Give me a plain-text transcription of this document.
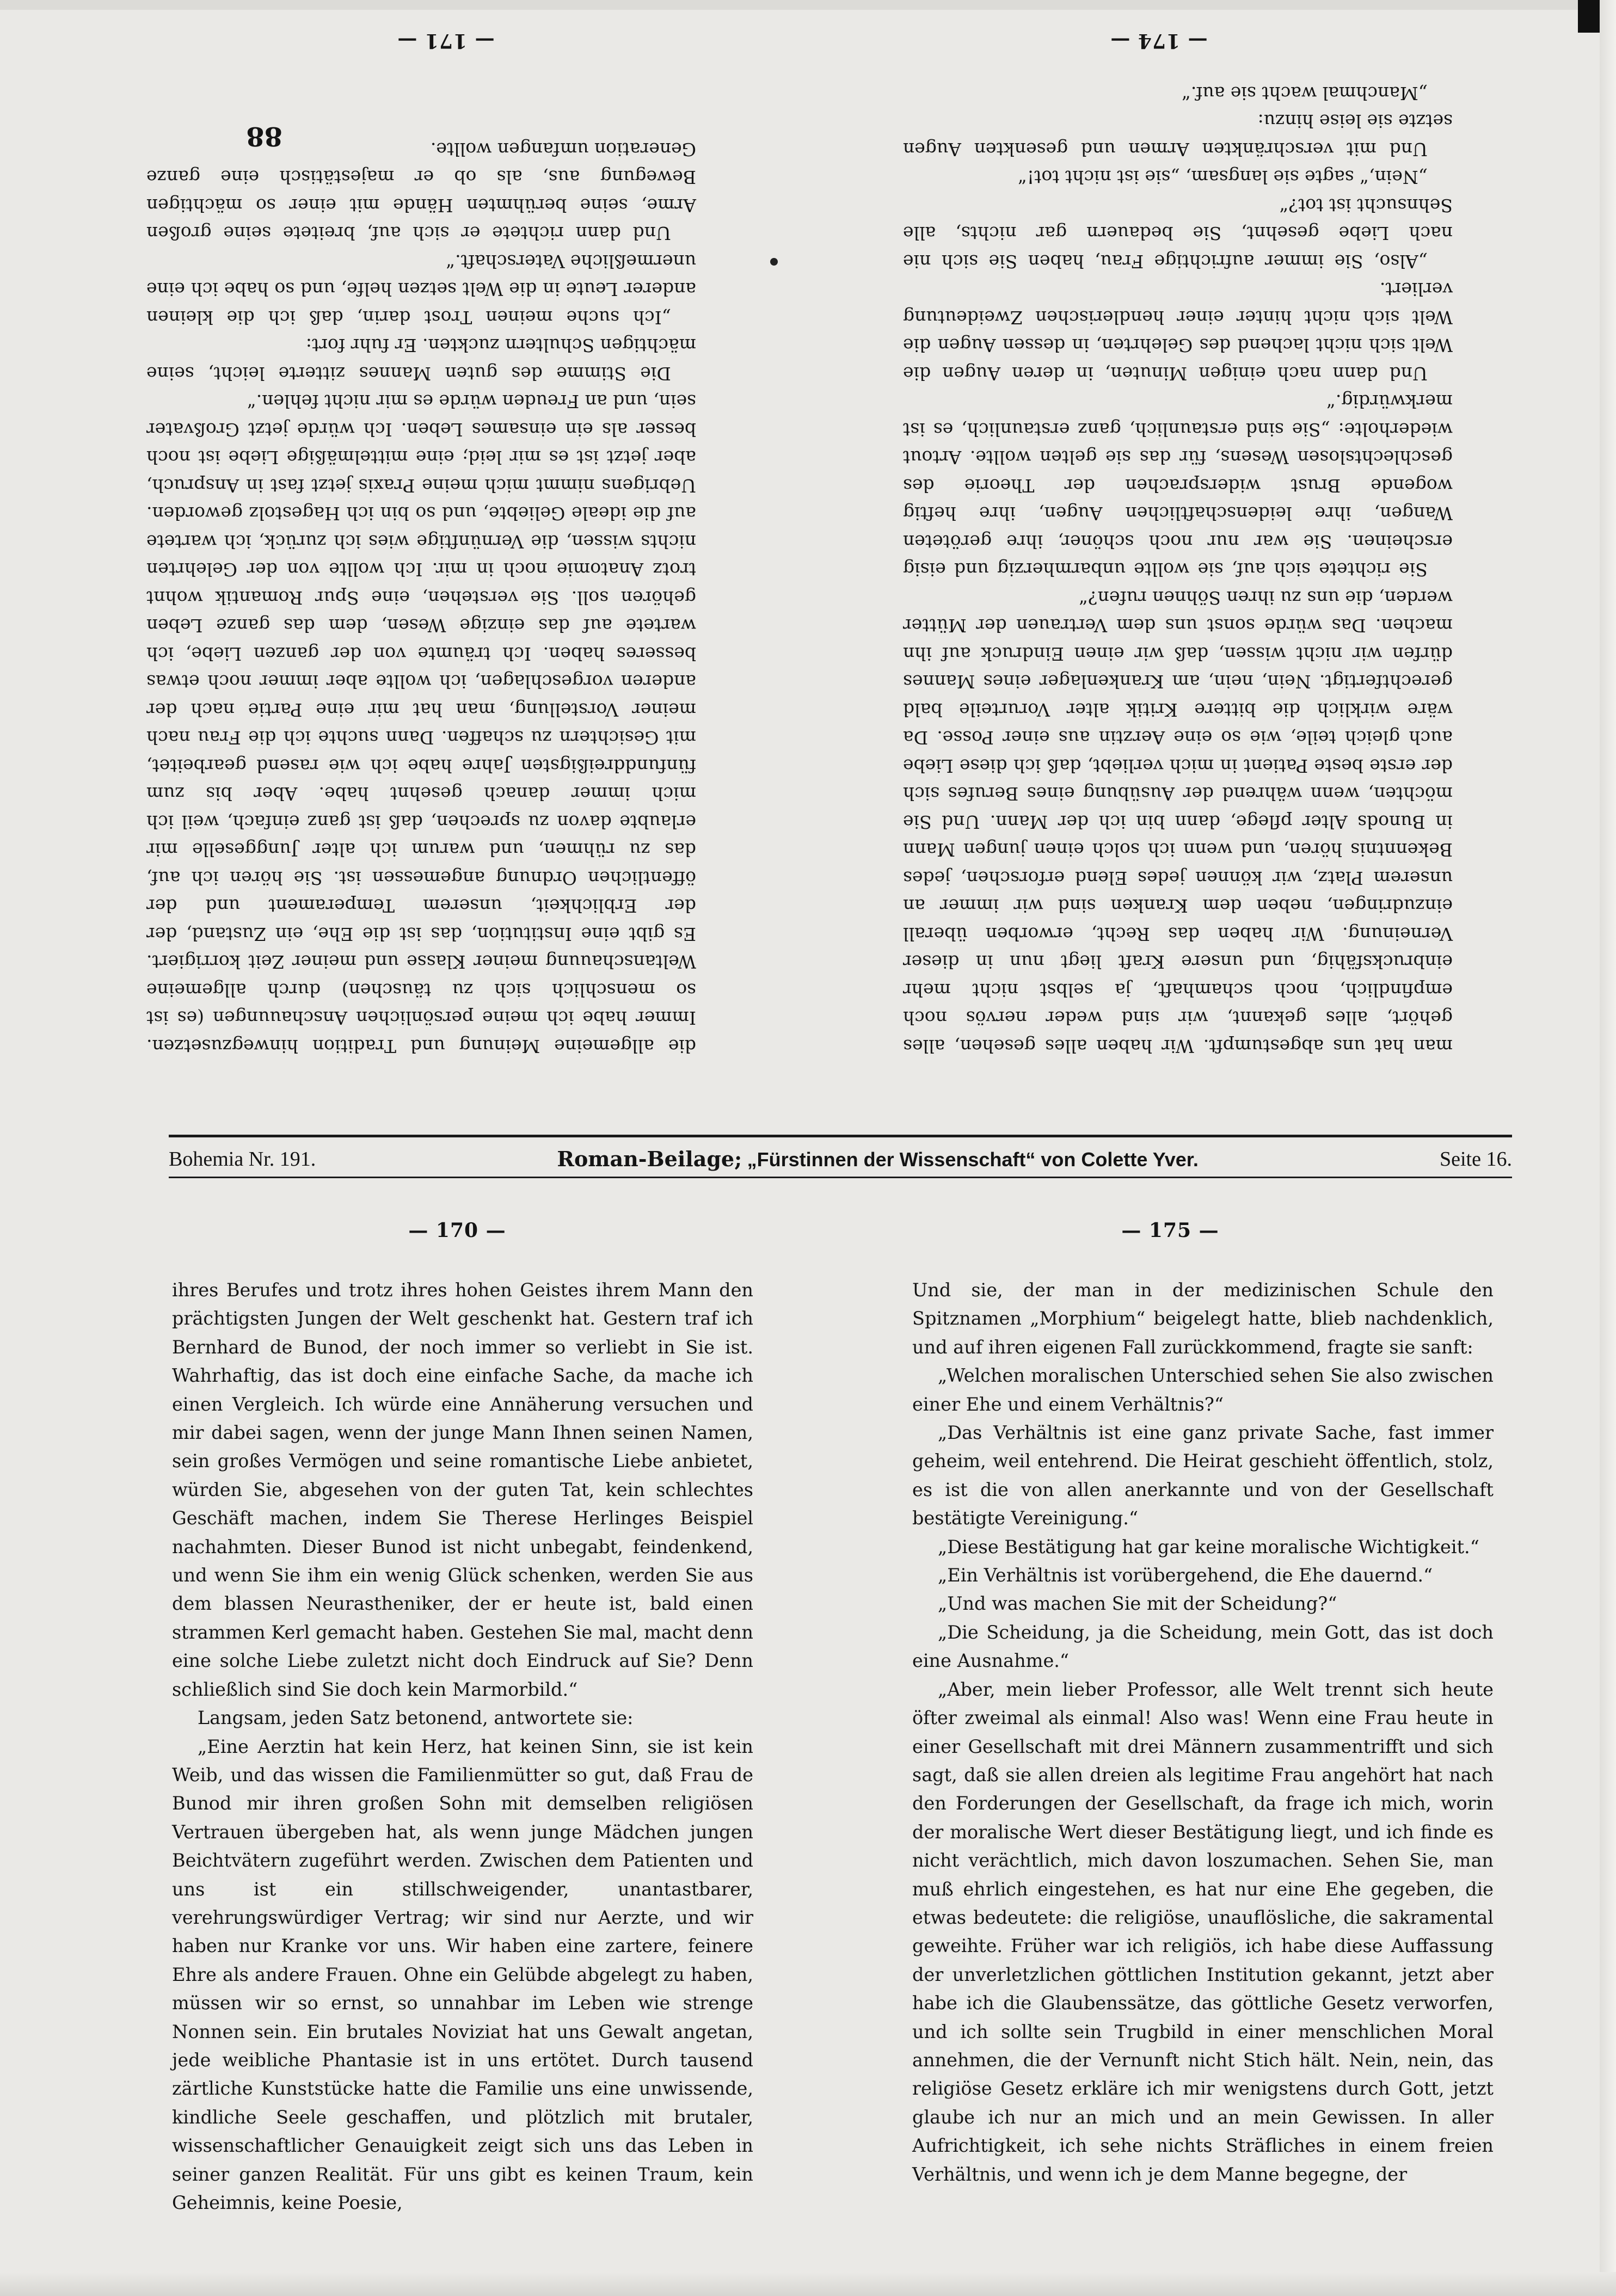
— 174 —
— 171 —

die allgemeine Meinung und Tradition hinwegzusetzen. Immer habe ich meine persönlichen Anschauungen (es ist so menschlich sich zu täuschen) durch allgemeine Weltanschauung meiner Klasse und meiner Zeit korrigiert. Es gibt eine Institution, das ist die Ehe, ein Zustand, der der Erblichkeit, unserem Temperament und der öffentlichen Ordnung angemessen ist. Sie hören ich auf, das zu rühmen, und warum ich alter Junggeselle mir erlaubte davon zu sprechen, daß ist ganz einfach, weil ich mich immer danach gesehnt habe. Aber bis zum fünfunddreißigsten Jahre habe ich wie rasend gearbeitet, mit Gesichtern zu schaffen. Dann suchte ich die Frau nach meiner Vorstellung, man hat mir eine Partie nach der anderen vorgeschlagen, ich wollte aber immer noch etwas besseres haben. Ich träumte von der ganzen Liebe, ich wartete auf das einzige Wesen, dem das ganze Leben gehören soll. Sie verstehen, eine Spur Romantik wohnt trotz Anatomie noch in mir. Ich wollte von der Gelehrten nichts wissen, die Vernünftige wies ich zurück, ich wartete auf die ideale Geliebte, und so bin ich Hagestolz geworden. Uebrigens nimmt mich meine Praxis jetzt fast in Anspruch, aber jetzt ist es mir leid; eine mittelmäßige Liebe ist noch besser als ein einsames Leben. Ich würde jetzt Großvater sein, und an Freuden würde es mir nicht fehlen.“

Die Stimme des guten Mannes zitterte leicht, seine mächtigen Schultern zuckten. Er fuhr fort:

„Ich suche meinen Trost darin, daß ich die kleinen anderer Leute in die Welt setzen helfe, und so habe ich eine unermeßliche Vaterschaft.“

Und dann richtete er sich auf, breitete seine großen Arme, seine berühmten Hände mit einer so mächtigen Bewegung aus, als ob er majestätisch eine ganze Generation umfangen wollte.

man hat uns abgestumpft. Wir haben alles gesehen, alles gehört, alles gekannt, wir sind weder nervös noch empfindlich, noch schamhaft, ja selbst nicht mehr einbrucksfähig, und unsere Kraft liegt nun in dieser Verneinung. Wir haben das Recht, erworben überall einzudringen, neben dem Kranken sind wir immer an unserem Platz, wir können jedes Elend erforschen, jedes Bekenntnis hören, und wenn ich solch einen jungen Mann in Bunods Alter pflege, dann bin ich der Mann. Und Sie möchten, wenn während der Ausübung eines Berufes sich der erste beste Patient in mich verliebt, daß ich diese Liebe auch gleich teile, wie so eine Aerztin aus einer Posse. Da wäre wirklich die bittere Kritik alter Vorurteile bald gerechtfertigt. Nein, nein, am Krankenlager eines Mannes dürfen wir nicht wissen, daß wir einen Eindruck auf ihn machen. Das würde sonst uns dem Vertrauen der Mütter werden, die uns zu ihren Söhnen rufen?“

Sie richtete sich auf, sie wollte unbarmherzig und eisig erscheinen. Sie war nur noch schöner, ihre geröteten Wangen, ihre leidenschaftlichen Augen, ihre heftig wogende Brust widersprachen der Theorie des geschlechtslosen Wesens, für das sie gelten wollte. Artout wiederholte: „Sie sind erstaunlich, ganz erstaunlich, es ist merkwürdig.“

Und dann nach einigen Minuten, in deren Augen die Welt sich nicht lachend des Gelehrten, in dessen Augen die Welt sich nicht hinter einer hendlerischen Zweideutung verliert.

„Also, Sie immer aufrichtige Frau, haben Sie sich nie nach Liebe gesehnt, Sie bedauern gar nichts, alle Sehnsucht ist tot?“

„Nein,“ sagte sie langsam, „sie ist nicht tot!“

Und mit verschränkten Armen und gesenkten Augen setzte sie leise hinzu:

„Manchmal wacht sie auf.“

88
Bohemia Nr. 191.	Roman-Beilage; „Fürstinnen der Wissenschaft“ von Colette Yver.	Seite 16.
— 170 —	— 175 —

ihres Berufes und trotz ihres hohen Geistes ihrem Mann den prächtigsten Jungen der Welt geschenkt hat. Gestern traf ich Bernhard de Bunod, der noch immer so verliebt in Sie ist. Wahrhaftig, das ist doch eine einfache Sache, da mache ich einen Vergleich. Ich würde eine Annäherung versuchen und mir dabei sagen, wenn der junge Mann Ihnen seinen Namen, sein großes Vermögen und seine romantische Liebe anbietet, würden Sie, abgesehen von der guten Tat, kein schlechtes Geschäft machen, indem Sie Therese Herlinges Beispiel nachahmten. Dieser Bunod ist nicht unbegabt, feindenkend, und wenn Sie ihm ein wenig Glück schenken, werden Sie aus dem blassen Neurastheniker, der er heute ist, bald einen strammen Kerl gemacht haben. Gestehen Sie mal, macht denn eine solche Liebe zuletzt nicht doch Eindruck auf Sie? Denn schließlich sind Sie doch kein Marmorbild.“

Langsam, jeden Satz betonend, antwortete sie:

„Eine Aerztin hat kein Herz, hat keinen Sinn, sie ist kein Weib, und das wissen die Familienmütter so gut, daß Frau de Bunod mir ihren großen Sohn mit demselben religiösen Vertrauen übergeben hat, als wenn junge Mädchen jungen Beichtvätern zugeführt werden. Zwischen dem Patienten und uns ist ein stillschweigender, unantastbarer, verehrungswürdiger Vertrag; wir sind nur Aerzte, und wir haben nur Kranke vor uns. Wir haben eine zartere, feinere Ehre als andere Frauen. Ohne ein Gelübde abgelegt zu haben, müssen wir so ernst, so unnahbar im Leben wie strenge Nonnen sein. Ein brutales Noviziat hat uns Gewalt angetan, jede weibliche Phantasie ist in uns ertötet. Durch tausend zärtliche Kunststücke hatte die Familie uns eine unwissende, kindliche Seele geschaffen, und plötzlich mit brutaler, wissenschaftlicher Genauigkeit zeigt sich uns das Leben in seiner ganzen Realität. Für uns gibt es keinen Traum, kein Geheimnis, keine Poesie,

Und sie, der man in der medizinischen Schule den Spitznamen „Morphium“ beigelegt hatte, blieb nachdenklich, und auf ihren eigenen Fall zurückkommend, fragte sie sanft:

„Welchen moralischen Unterschied sehen Sie also zwischen einer Ehe und einem Verhältnis?“

„Das Verhältnis ist eine ganz private Sache, fast immer geheim, weil entehrend. Die Heirat geschieht öffentlich, stolz, es ist die von allen anerkannte und von der Gesellschaft bestätigte Vereinigung.“

„Diese Bestätigung hat gar keine moralische Wichtigkeit.“

„Ein Verhältnis ist vorübergehend, die Ehe dauernd.“

„Und was machen Sie mit der Scheidung?“

„Die Scheidung, ja die Scheidung, mein Gott, das ist doch eine Ausnahme.“

„Aber, mein lieber Professor, alle Welt trennt sich heute öfter zweimal als einmal! Also was! Wenn eine Frau heute in einer Gesellschaft mit drei Männern zusammentrifft und sich sagt, daß sie allen dreien als legitime Frau angehört hat nach den Forderungen der Gesellschaft, da frage ich mich, worin der moralische Wert dieser Bestätigung liegt, und ich finde es nicht verächtlich, mich davon loszumachen. Sehen Sie, man muß ehrlich eingestehen, es hat nur eine Ehe gegeben, die etwas bedeutete: die religiöse, unauflösliche, die sakramental geweihte. Früher war ich religiös, ich habe diese Auffassung der unverletzlichen göttlichen Institution gekannt, jetzt aber habe ich die Glaubenssätze, das göttliche Gesetz verworfen, und ich sollte sein Trugbild in einer menschlichen Moral annehmen, die der Vernunft nicht Stich hält. Nein, nein, das religiöse Gesetz erkläre ich mir wenigstens durch Gott, jetzt glaube ich nur an mich und an mein Gewissen. In aller Aufrichtigkeit, ich sehe nichts Sträfliches in einem freien Verhältnis, und wenn ich je dem Manne begegne, der
